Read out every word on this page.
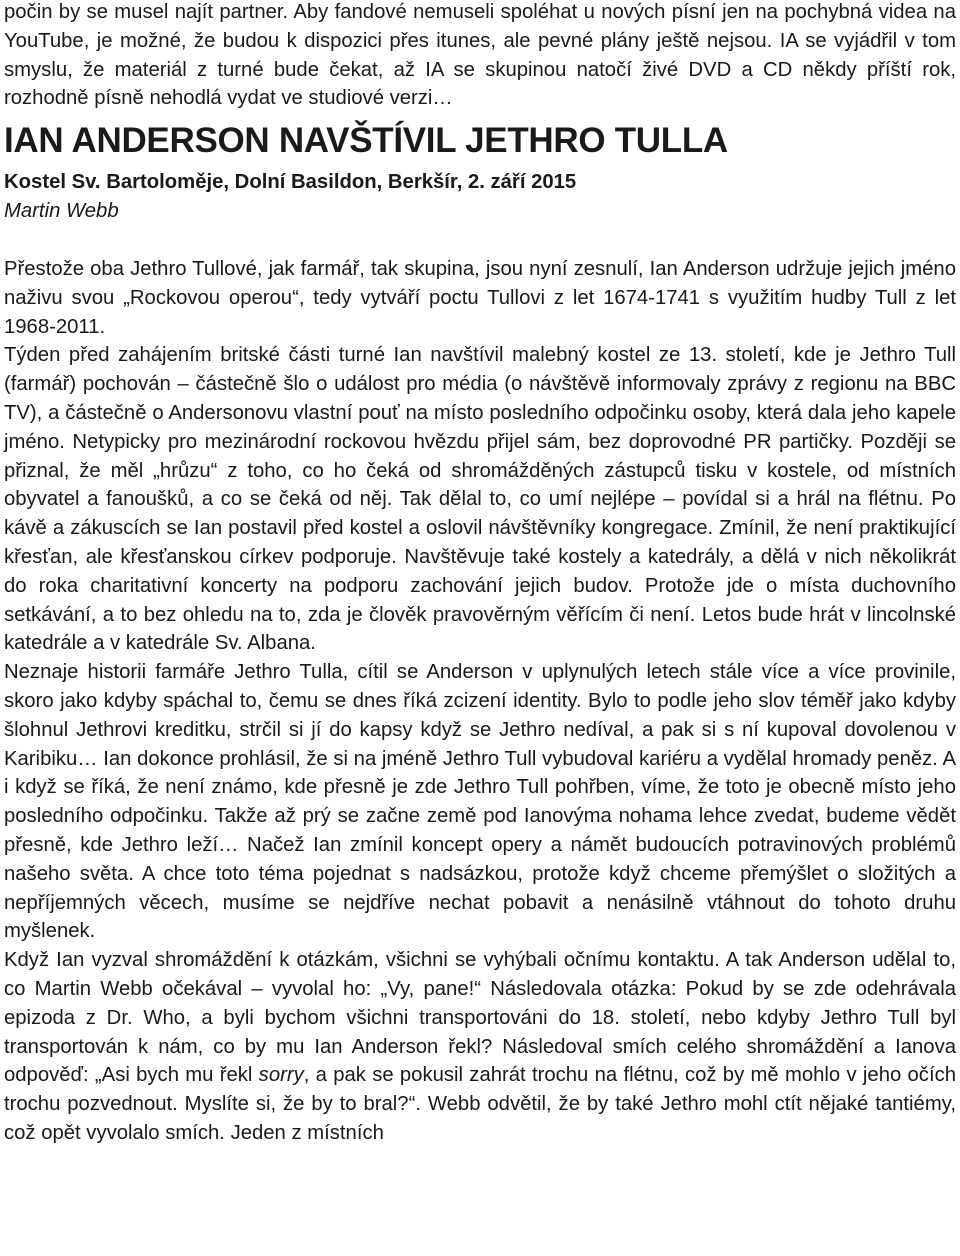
počin by se musel najít partner. Aby fandové nemuseli spoléhat u nových písní jen na pochybná videa na YouTube, je možné, že budou k dispozici přes itunes, ale pevné plány ještě nejsou. IA se vyjádřil v tom smyslu, že materiál z turné bude čekat, až IA se skupinou natočí živé DVD a CD někdy příští rok, rozhodně písně nehodlá vydat ve studiové verzi…

IAN ANDERSON NAVŠTÍVIL JETHRO TULLA
Kostel Sv. Bartoloměje, Dolní Basildon, Berkšír, 2. září 2015
Martin Webb

Přestože oba Jethro Tullové, jak farmář, tak skupina, jsou nyní zesnulí, Ian Anderson udržuje jejich jméno naživu svou „Rockovou operou“, tedy vytváří poctu Tullovi z let 1674-1741 s využitím hudby Tull z let 1968-2011.

Týden před zahájením britské části turné Ian navštívil malebný kostel ze 13. století, kde je Jethro Tull (farmář) pochován – částečně šlo o událost pro média (o návštěvě informovaly zprávy z regionu na BBC TV), a částečně o Andersonovu vlastní pouť na místo posledního odpočinku osoby, která dala jeho kapele jméno. Netypicky pro mezinárodní rockovou hvězdu přijel sám, bez doprovodné PR partičky. Později se přiznal, že měl „hrůzu“ z toho, co ho čeká od shromážděných zástupců tisku v kostele, od místních obyvatel a fanoušků, a co se čeká od něj. Tak dělal to, co umí nejlépe – povídal si a hrál na flétnu. Po kávě a zákuscích se Ian postavil před kostel a oslovil návštěvníky kongregace. Zmínil, že není praktikující křesťan, ale křesťanskou církev podporuje. Navštěvuje také kostely a katedrály, a dělá v nich několikrát do roka charitativní koncerty na podporu zachování jejich budov. Protože jde o místa duchovního setkávání, a to bez ohledu na to, zda je člověk pravověrným věřícím či není. Letos bude hrát v lincolnské katedrále a v katedrále Sv. Albana.

Neznaje historii farmáře Jethro Tulla, cítil se Anderson v uplynulých letech stále více a více provinile, skoro jako kdyby spáchal to, čemu se dnes říká zcizení identity. Bylo to podle jeho slov téměř jako kdyby šlohnul Jethrovi kreditku, strčil si jí do kapsy když se Jethro nedíval, a pak si s ní kupoval dovolenou v Karibiku… Ian dokonce prohlásil, že si na jméně Jethro Tull vybudoval kariéru a vydělal hromady peněz. A i když se říká, že není známo, kde přesně je zde Jethro Tull pohřben, víme, že toto je obecně místo jeho posledního odpočinku. Takže až prý se začne země pod Ianovýma nohama lehce zvedat, budeme vědět přesně, kde Jethro leží… Načež Ian zmínil koncept opery a námět budoucích potravinových problémů našeho světa. A chce toto téma pojednat s nadsázkou, protože když chceme přemýšlet o složitých a nepříjemných věcech, musíme se nejdříve nechat pobavit a nenásilně vtáhnout do tohoto druhu myšlenek.

Když Ian vyzval shromáždění k otázkám, všichni se vyhýbali očnímu kontaktu. A tak Anderson udělal to, co Martin Webb očekával – vyvolal ho: „Vy, pane!“ Následovala otázka: Pokud by se zde odehrávala epizoda z Dr. Who, a byli bychom všichni transportováni do 18. století, nebo kdyby Jethro Tull byl transportován k nám, co by mu Ian Anderson řekl? Následoval smích celého shromáždění a Ianova odpověď: „Asi bych mu řekl sorry, a pak se pokusil zahrát trochu na flétnu, což by mě mohlo v jeho očích trochu pozvednout. Myslíte si, že by to bral?“. Webb odvětil, že by také Jethro mohl ctít nějaké tantiémy, což opět vyvolalo smích. Jeden z místních
